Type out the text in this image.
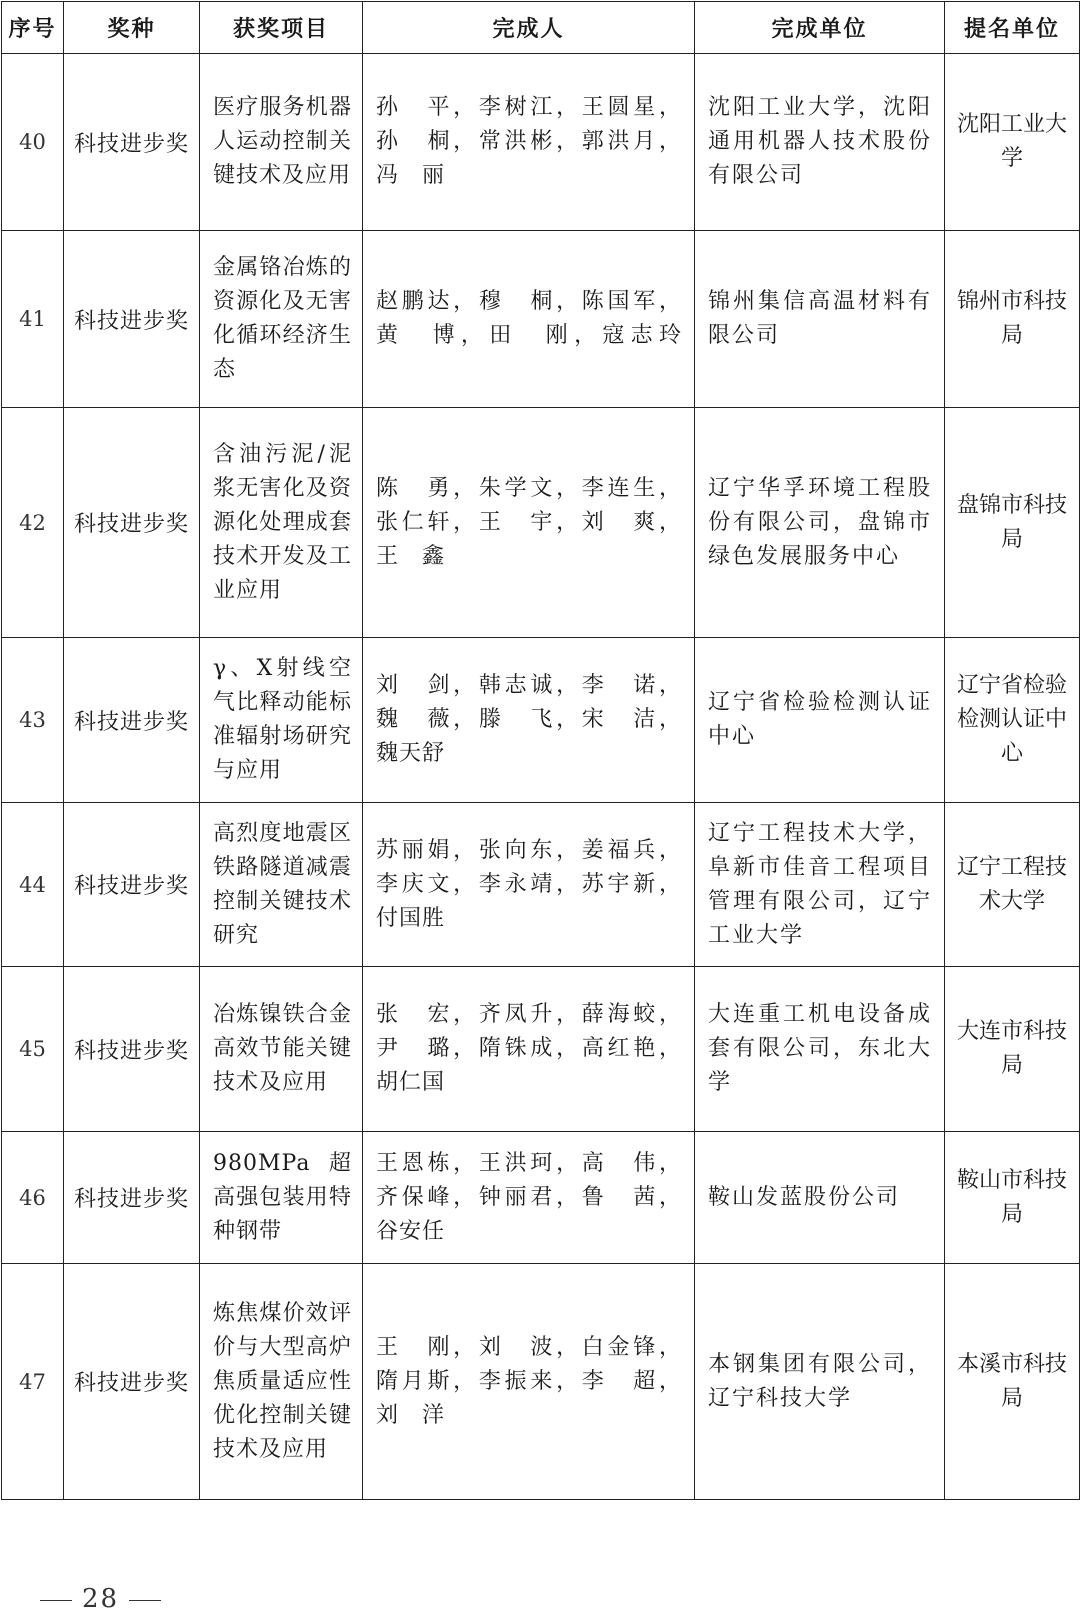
序号	奖种	获奖项目	完成人	完成单位	提名单位
40	科技进步奖	医疗服务机器人运动控制关键技术及应用	孙　平，李树江，王圆星，
孙　桐，常洪彬，郭洪月，
冯　丽	沈阳工业大学，沈阳通用机器人技术股份有限公司	沈阳工业大学
41	科技进步奖	金属铬冶炼的资源化及无害化循环经济生态	赵鹏达，穆　桐，陈国军，
黄　博，田　刚，寇志玲	锦州集信高温材料有限公司	锦州市科技局
42	科技进步奖	含油污泥/泥浆无害化及资源化处理成套技术开发及工业应用	陈　勇，朱学文，李连生，
张仁轩，王　宇，刘　爽，
王　鑫	辽宁华孚环境工程股份有限公司，盘锦市绿色发展服务中心	盘锦市科技局
43	科技进步奖	γ、X射线空气比释动能标准辐射场研究与应用	刘　剑，韩志诚，李　诺，
魏　薇，滕　飞，宋　洁，
魏天舒	辽宁省检验检测认证中心	辽宁省检验检测认证中心
44	科技进步奖	高烈度地震区铁路隧道减震控制关键技术研究	苏丽娟，张向东，姜福兵，
李庆文，李永靖，苏宇新，
付国胜	辽宁工程技术大学，阜新市佳音工程项目管理有限公司，辽宁工业大学	辽宁工程技术大学
45	科技进步奖	冶炼镍铁合金高效节能关键技术及应用	张　宏，齐凤升，薛海蛟，
尹　璐，隋铢成，高红艳，
胡仁国	大连重工机电设备成套有限公司，东北大学	大连市科技局
46	科技进步奖	980MPa 超高强包装用特种钢带	王恩栋，王洪珂，高　伟，
齐保峰，钟丽君，鲁　茜，
谷安任	鞍山发蓝股份公司	鞍山市科技局
47	科技进步奖	炼焦煤价效评价与大型高炉焦质量适应性优化控制关键技术及应用	王　刚，刘　波，白金锋，
隋月斯，李振来，李　超，
刘　洋	本钢集团有限公司，辽宁科技大学	本溪市科技局
28
